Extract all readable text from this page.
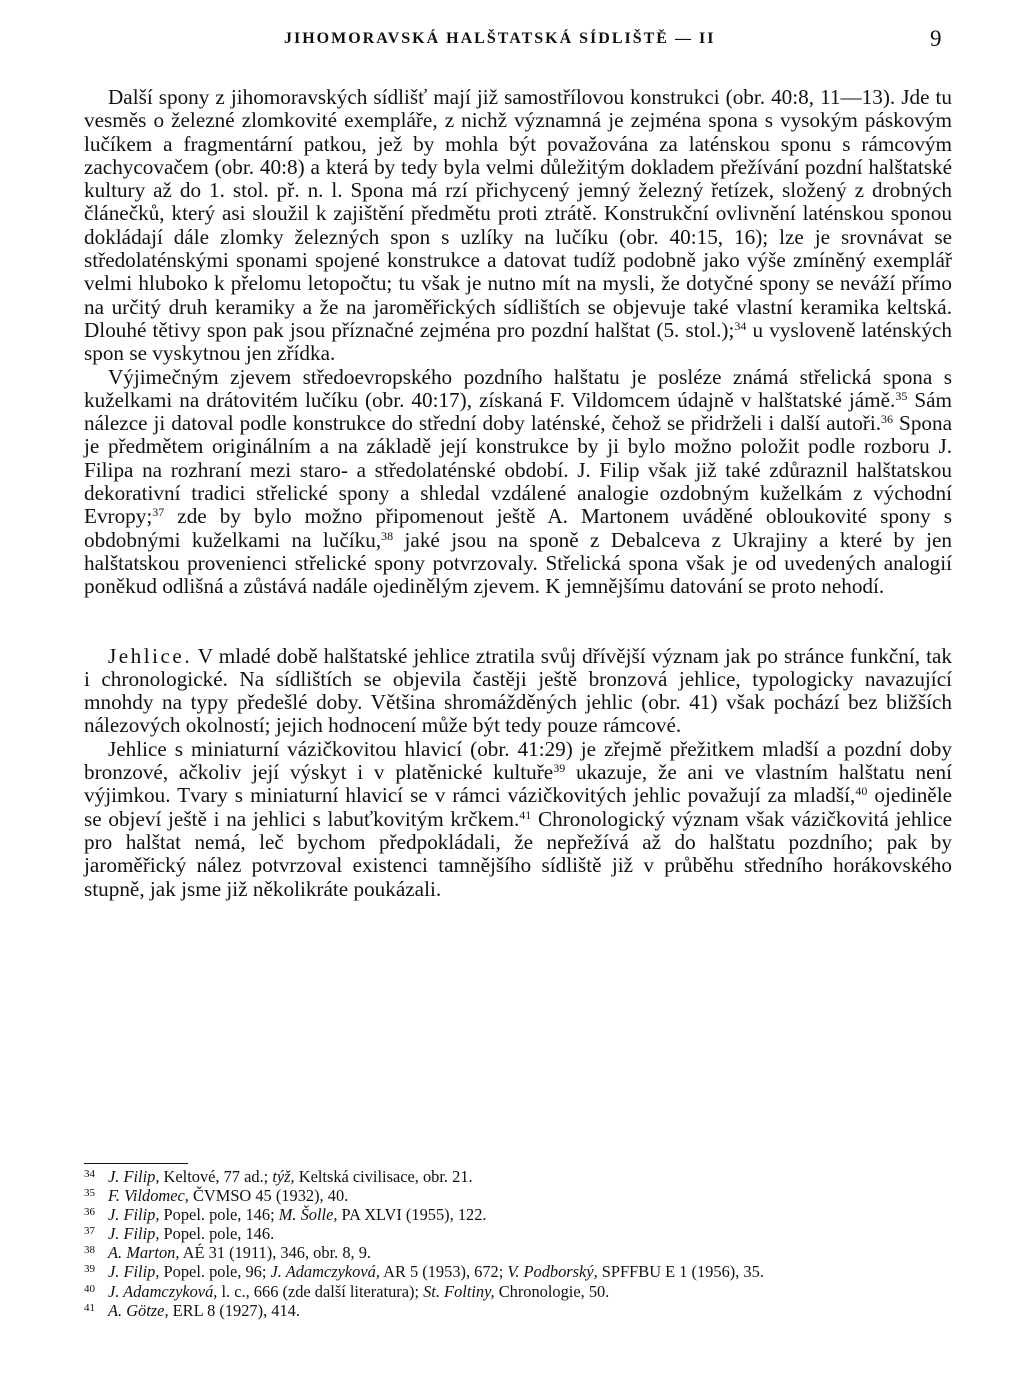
JIHOMORAVSKÁ HALŠTATSKÁ SÍDLIŠTĚ — II	9

Další spony z jihomoravských sídlišť mají již samostřílovou konstrukci (obr. 40:8, 11—13). Jde tu vesměs o železné zlomkovité exempláře, z nichž významná je zejména spona s vysokým páskovým lučíkem a fragmentární patkou, jež by mohla být považována za laténskou sponu s rámcovým zachycovačem (obr. 40:8) a která by tedy byla velmi důležitým dokladem přežívání pozdní halštatské kultury až do 1. stol. př. n. l. Spona má rzí přichycený jemný železný řetízek, složený z drobných článečků, který asi sloužil k zajištění předmětu proti ztrátě. Konstrukční ovlivnění laténskou sponou dokládají dále zlomky železných spon s uzlíky na lučíku (obr. 40:15, 16); lze je srovnávat se středolaténskými sponami spojené konstrukce a datovat tudíž podobně jako výše zmíněný exemplář velmi hluboko k přelomu letopočtu; tu však je nutno mít na mysli, že dotyčné spony se neváží přímo na určitý druh keramiky a že na jaroměřických sídlištích se objevuje také vlastní keramika keltská. Dlouhé tětivy spon pak jsou příznačné zejména pro pozdní halštat (5. stol.);$^{34}$ u vysloveně laténských spon se vyskytnou jen zřídka.

Výjimečným zjevem středoevropského pozdního halštatu je posléze známá střelická spona s kuželkami na drátovitém lučíku (obr. 40:17), získaná F. Vildomcem údajně v halštatské jámě.$^{35}$ Sám nálezce ji datoval podle konstrukce do střední doby laténské, čehož se přidrželi i další autoři.$^{36}$ Spona je předmětem originálním a na základě její konstrukce by ji bylo možno položit podle rozboru J. Filipa na rozhraní mezi staro- a středolaténské období. J. Filip však již také zdůraznil halštatskou dekorativní tradici střelické spony a shledal vzdálené analogie ozdobným kuželkám z východní Evropy;$^{37}$ zde by bylo možno připomenout ještě A. Martonem uváděné obloukovité spony s obdobnými kuželkami na lučíku,$^{38}$ jaké jsou na sponě z Debalceva z Ukrajiny a které by jen halštatskou provenienci střelické spony potvrzovaly. Střelická spona však je od uvedených analogií poněkud odlišná a zůstává nadále ojedinělým zjevem. K jemnějšímu datování se proto nehodí.

Jehlice. V mladé době halštatské jehlice ztratila svůj dřívější význam jak po stránce funkční, tak i chronologické. Na sídlištích se objevila častěji ještě bronzová jehlice, typologicky navazující mnohdy na typy předešlé doby. Většina shromážděných jehlic (obr. 41) však pochází bez bližších nálezových okolností; jejich hodnocení může být tedy pouze rámcové.

Jehlice s miniaturní vázičkovitou hlavicí (obr. 41:29) je zřejmě přežitkem mladší a pozdní doby bronzové, ačkoliv její výskyt i v platěnické kultuře$^{39}$ ukazuje, že ani ve vlastním halštatu není výjimkou. Tvary s miniaturní hlavicí se v rámci vázičkovitých jehlic považují za mladší,$^{40}$ ojediněle se objeví ještě i na jehlici s labuťkovitým krčkem.$^{41}$ Chronologický význam však vázičkovitá jehlice pro halštat nemá, leč bychom předpokládali, že nepřežívá až do halštatu pozdního; pak by jaroměřický nález potvrzoval existenci tamnějšího sídliště již v průběhu středního horákovského stupně, jak jsme již několikráte poukázali.

34 J. Filip, Keltové, 77 ad.; týž, Keltská civilisace, obr. 21.

35 F. Vildomec, ČVMSO 45 (1932), 40.

36 J. Filip, Popel. pole, 146; M. Šolle, PA XLVI (1955), 122.

37 J. Filip, Popel. pole, 146.

38 A. Marton, AÉ 31 (1911), 346, obr. 8, 9.

39 J. Filip, Popel. pole, 96; J. Adamczyková, AR 5 (1953), 672; V. Podborský, SPFFBU E 1 (1956), 35.

40 J. Adamczyková, l. c., 666 (zde další literatura); St. Foltiny, Chronologie, 50.

41 A. Götze, ERL 8 (1927), 414.
